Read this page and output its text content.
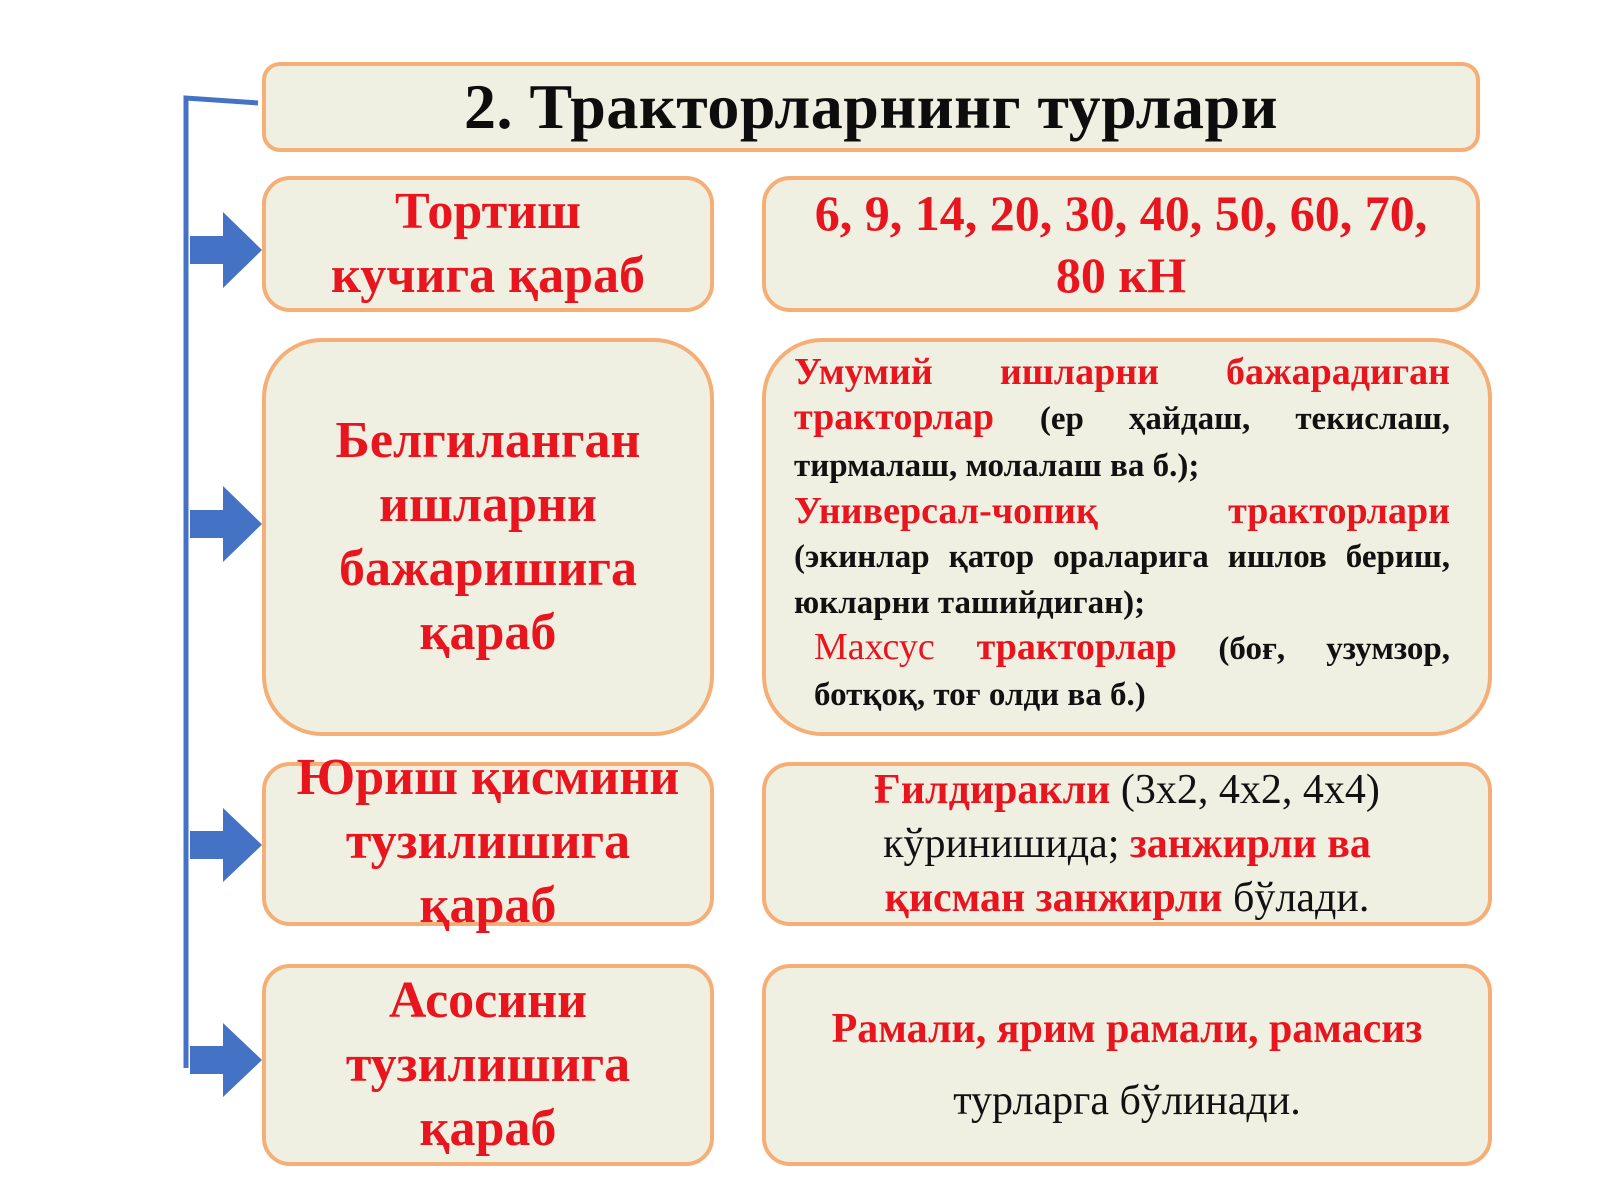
2. Тракторларнинг турлари
Тортиш кучига қараб
6, 9, 14, 20, 30, 40, 50, 60, 70, 80 кН
Белгиланган ишларни бажаришига қараб
Умумий ишларни бажарадиган тракторлар (ер ҳайдаш, текислаш, тирмалаш, молалаш ва б.);
Универсал-чопиқ тракторлари (экинлар қатор ораларига ишлов бериш, юкларни ташийдиган);
Махсус тракторлар (боғ, узумзор, ботқоқ, тоғ олди ва б.)
Юриш қисмини тузилишига қараб
Ғилдиракли (3х2, 4х2, 4х4) кўринишида; занжирли ва қисман занжирли бўлади.
Асосини тузилишига қараб
Рамали, ярим рамали, рамасиз
турларга бўлинади.
